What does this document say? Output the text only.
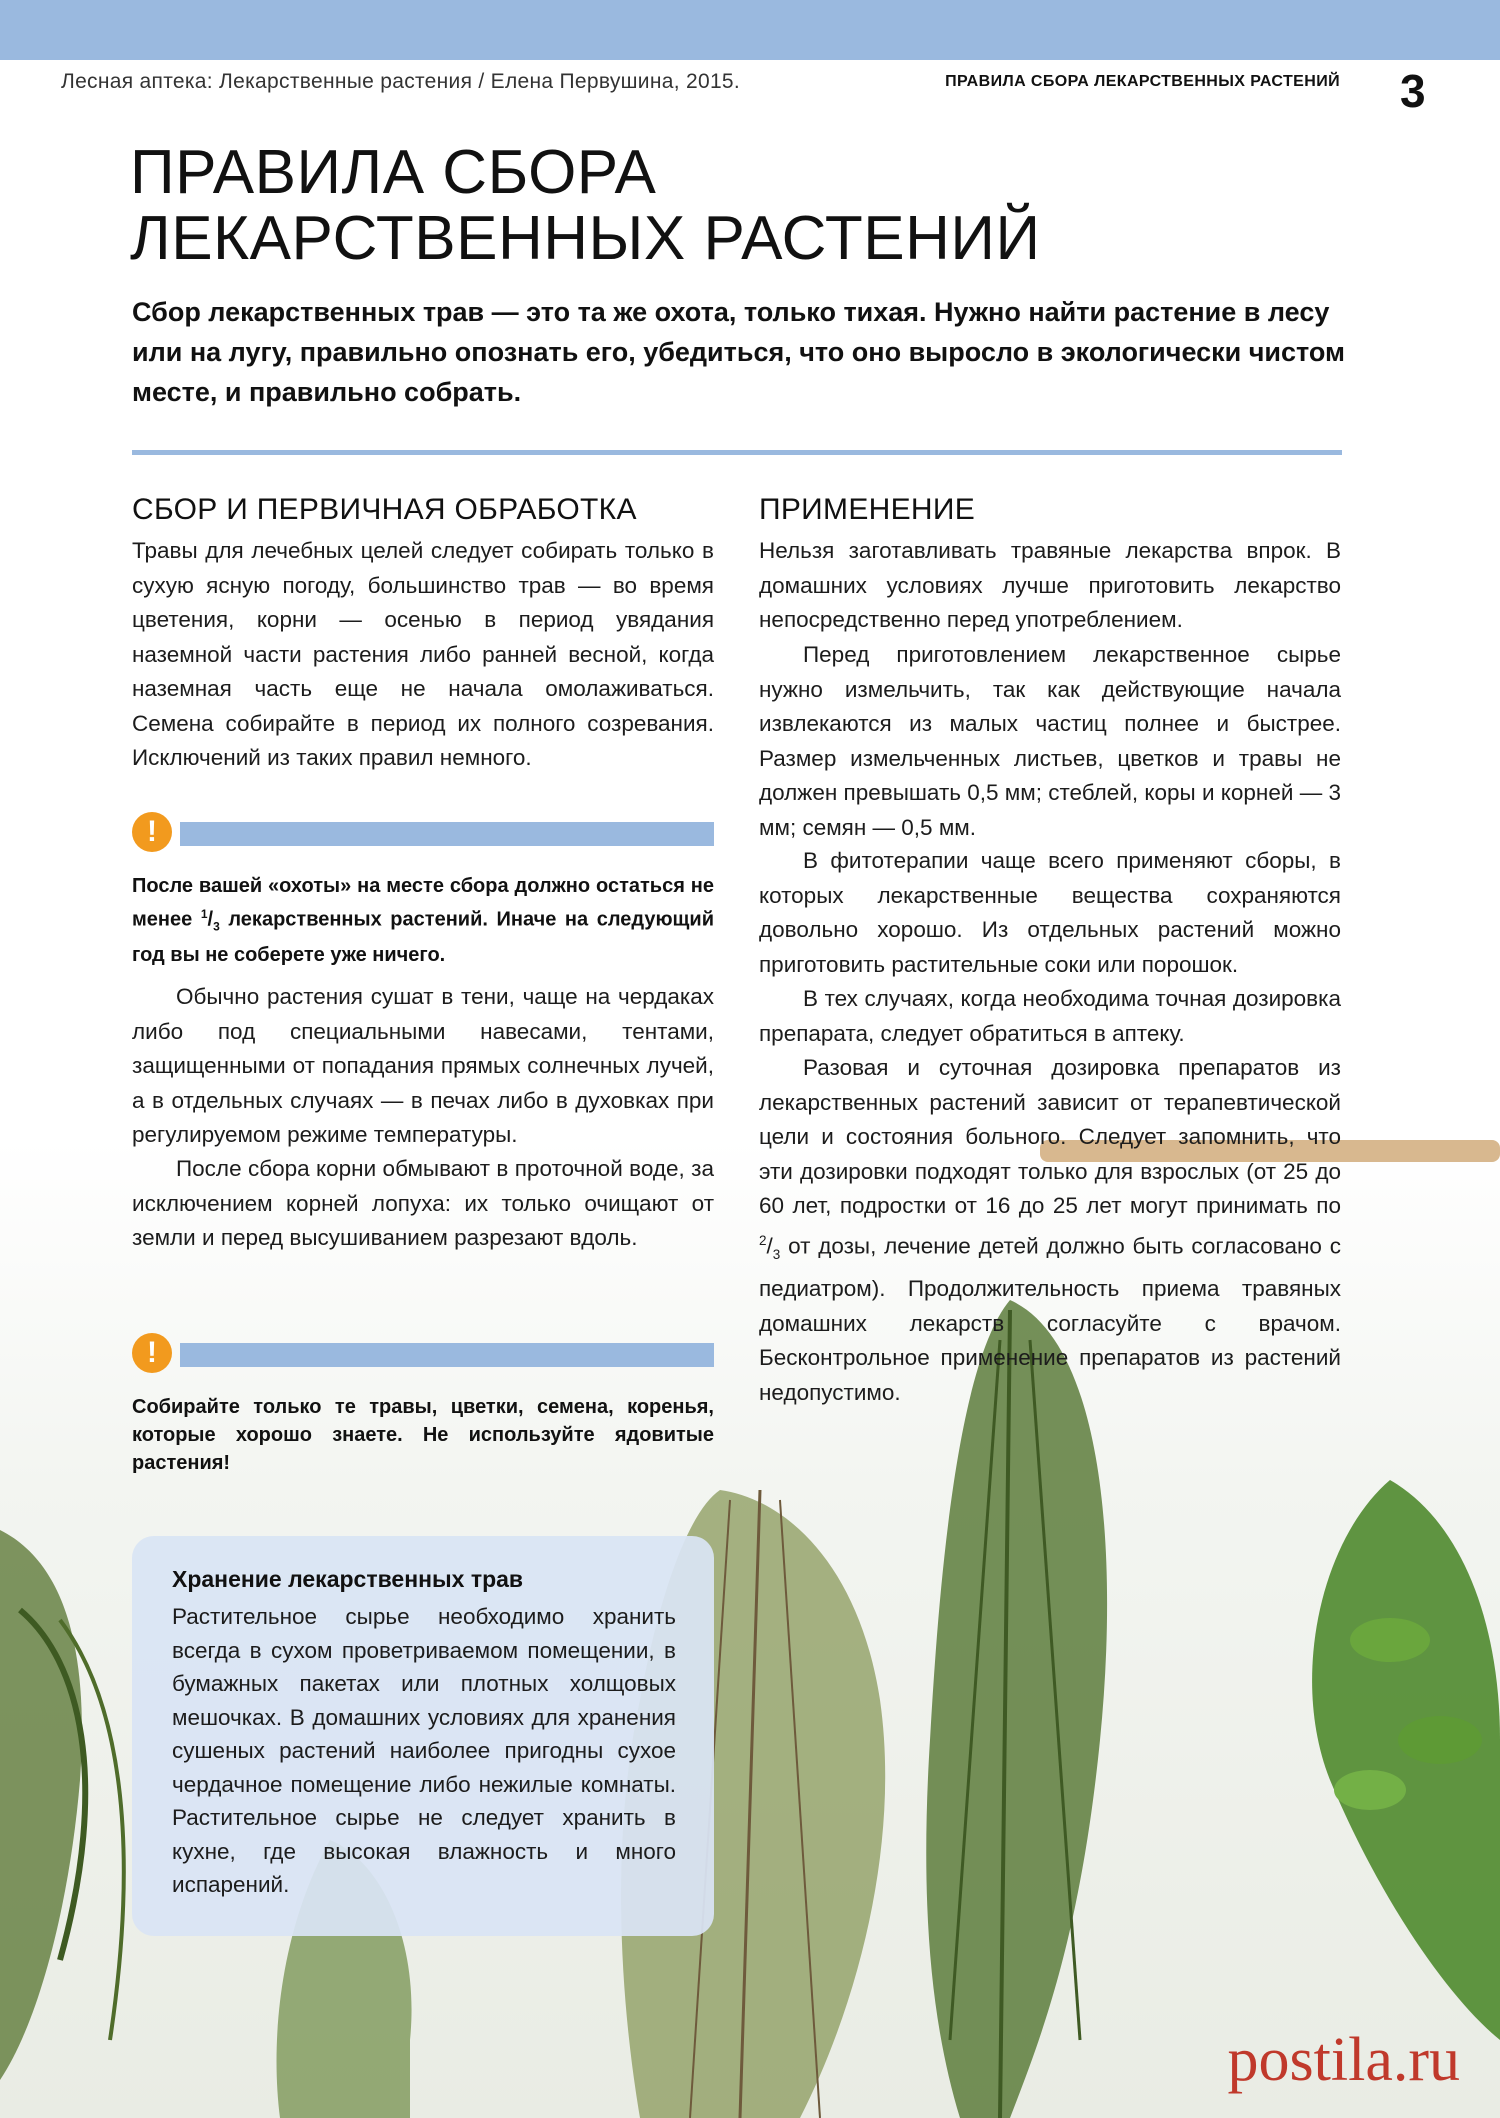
Лесная аптека: Лекарственные растения / Елена Первушина, 2015.	ПРАВИЛА СБОРА ЛЕКАРСТВЕННЫХ РАСТЕНИЙ 3
ПРАВИЛА СБОРА
ЛЕКАРСТВЕННЫХ РАСТЕНИЙ

Сбор лекарственных трав — это та же охота, только тихая. Нужно найти растение в лесу или на лугу, правильно опознать его, убедиться, что оно выросло в экологически чистом месте, и правильно собрать.

СБОР И ПЕРВИЧНАЯ ОБРАБОТКА

Травы для лечебных целей следует собирать только в сухую ясную погоду, большинство трав — во время цветения, корни — осенью в период увядания наземной части растения либо ранней весной, когда наземная часть еще не начала омолаживаться. Семена собирайте в период их полного созревания. Исключений из таких правил немного.

!

После вашей «охоты» на месте сбора должно остаться не менее $^1/_3$ лекарственных растений. Иначе на следующий год вы не соберете уже ничего.

Обычно растения сушат в тени, чаще на чердаках либо под специальными навесами, тентами, защищенными от попадания прямых солнечных лучей, а в отдельных случаях — в печах либо в духовках при регулируемом режиме температуры.

После сбора корни обмывают в проточной воде, за исключением корней лопуха: их только очищают от земли и перед высушиванием разрезают вдоль.

!

Собирайте только те травы, цветки, семена, коренья, которые хорошо знаете. Не используйте ядовитые растения!

Хранение лекарственных трав

Растительное сырье необходимо хранить всегда в сухом проветриваемом помещении, в бумажных пакетах или плотных холщовых мешочках. В домашних условиях для хранения сушеных растений наиболее пригодны сухое чердачное помещение либо нежилые комнаты. Растительное сырье не следует хранить в кухне, где высокая влажность и много испарений.

ПРИМЕНЕНИЕ

Нельзя заготавливать травяные лекарства впрок. В домашних условиях лучше приготовить лекарство непосредственно перед употреблением.

Перед приготовлением лекарственное сырье нужно измельчить, так как действующие начала извлекаются из малых частиц полнее и быстрее. Размер измельченных листьев, цветков и травы не должен превышать 0,5 мм; стеблей, коры и корней — 3 мм; семян — 0,5 мм.

В фитотерапии чаще всего применяют сборы, в которых лекарственные вещества сохраняются довольно хорошо. Из отдельных растений можно приготовить растительные соки или порошок.

В тех случаях, когда необходима точная дозировка препарата, следует обратиться в аптеку.

Разовая и суточная дозировка препаратов из лекарственных растений зависит от терапевтической цели и состояния больного. Следует запомнить, что эти дозировки подходят только для взрослых (от 25 до 60 лет, подростки от 16 до 25 лет могут принимать по $^2/_3$ от дозы, лечение детей должно быть согласовано с педиатром). Продолжительность приема травяных домашних лекарств согласуйте с врачом. Бесконтрольное применение препаратов из растений недопустимо.

postila.ru
